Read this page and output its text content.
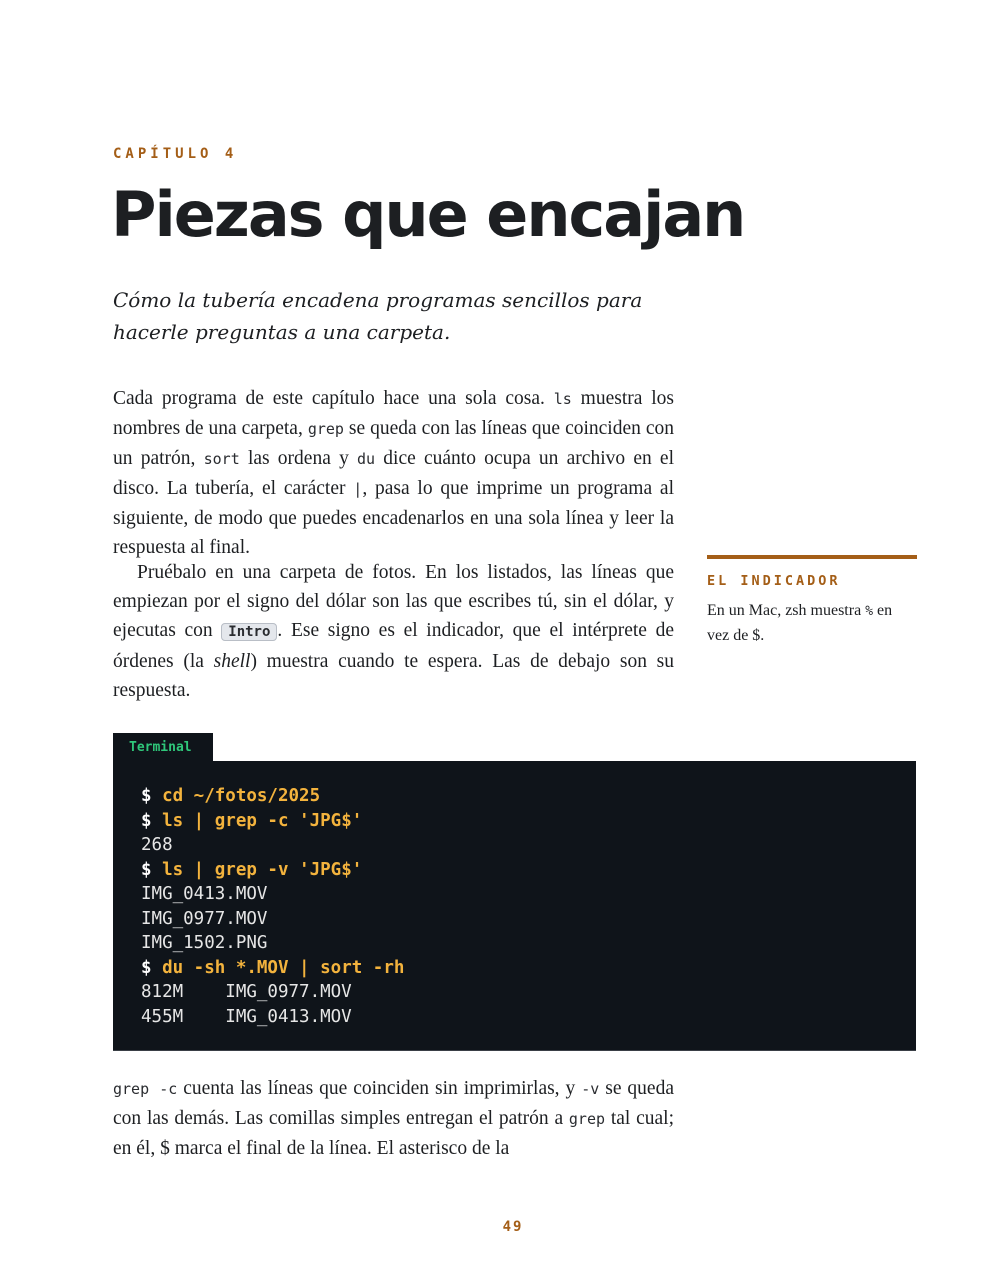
CAPÍTULO 4
Piezas que encajan

Cómo la tubería encadena programas sencillos para hacerle preguntas a una carpeta.

Cada programa de este capítulo hace una sola cosa. ls muestra los nombres de una carpeta, grep se queda con las líneas que coinciden con un patrón, sort las ordena y du dice cuánto ocupa un archivo en el disco. La tubería, el carácter |, pasa lo que imprime un programa al siguiente, de modo que puedes encadenarlos en una sola línea y leer la respuesta al final.

Pruébalo en una carpeta de fotos. En los listados, las líneas que empiezan por el signo del dólar son las que escribes tú, sin el dólar, y ejecutas con Intro . Ese signo es el indicador, que el intérprete de órdenes (la shell) muestra cuando te espera. Las de debajo son su respuesta.

EL INDICADOR
En un Mac, zsh muestra % en vez de $.
Terminal
$ cd ~/fotos/2025
$ ls | grep -c 'JPG$'
268
$ ls | grep -v 'JPG$'
IMG_0413.MOV
IMG_0977.MOV
IMG_1502.PNG
$ du -sh *.MOV | sort -rh
812M    IMG_0977.MOV
455M    IMG_0413.MOV

grep -c cuenta las líneas que coinciden sin imprimirlas, y -v se queda con las demás. Las comillas simples entregan el patrón a grep tal cual; en él, $ marca el final de la línea. El asterisco de la

49
